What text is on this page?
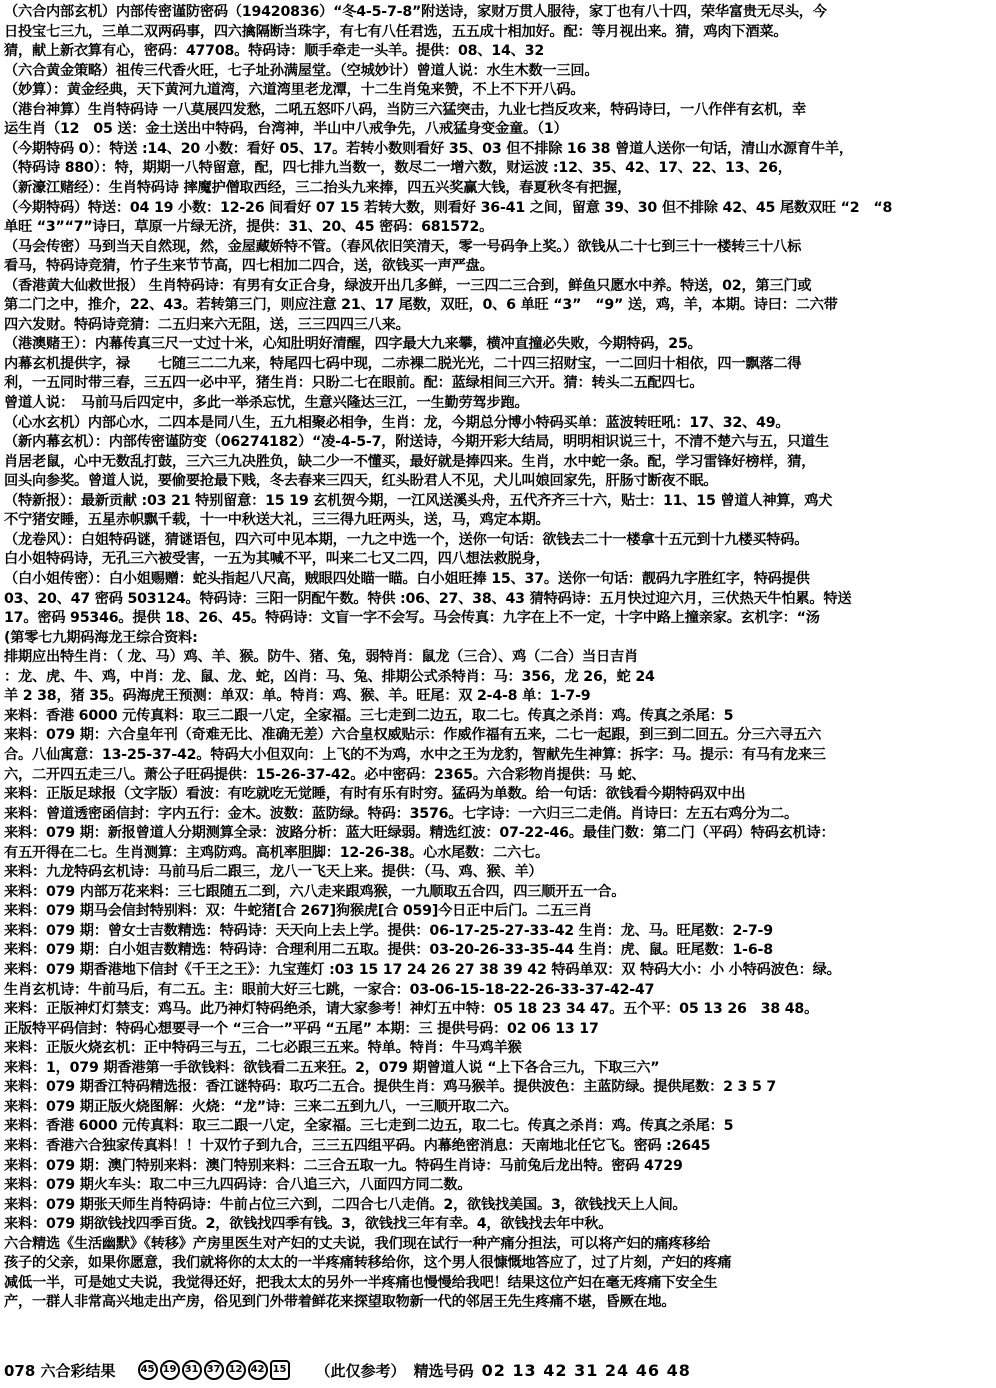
（六合内部玄机）内部传密谨防密码（19420836）“冬4-5-7-8”附送诗，家财万贯人服待，家丁也有八十四，荣华富贵无尽头，今
日投宝七三九，三单二双两码事，四六擒隔断当珠字，有七有八任君选，五五成十相加好。配：等月视出来。猜，鸡肉下酒菜。
猜，献上新衣算有心，密码：47708。特码诗：顺手牵走一头羊。提供：08、14、32
（六合黄金策略）祖传三代香火旺，七子址孙满屋堂。（空城妙计）曾道人说：水生木数一三回。
（妙算）：黄金经典，天下黄河九道湾，六道湾里老龙潭，十二生肖兔来赞，不上不下开八码。
（港台神算）生肖特码诗 一八莫展四发愁，二吼五怒吓八码，当防三六猛突击，九业七挡反攻来，特码诗曰，一八作伴有玄机，幸
运生肖（12　05 送：金土送出中特码，台湾神，半山中八戒争先，八戒猛身变金童。（1）
（今期特码 0）：特送 :14、20 小数：看好 05、17。若转小数则看好 35、03 但不排除 16 38 曾道人送你一句话，清山水源育牛羊，
（特码诗 880）：特，期期一八特留意，配，四七排九当数一，数尽二一增六数，财运波 :12、35、42、17、22、13、26，
（新濠江赌经）：生肖特码诗 摔魔护僧取西经，三二抬头九来捧，四五兴奖赢大钱，春夏秋冬有把握，
（今期特码）特送：04 19 小数：12-26 间看好 07 15 若转大数，则看好 36-41 之间，留意 39、30 但不排除 42、45 尾数双旺 “2　“8
单旺 “3”“7”诗曰，草原一片绿无济，提供：31、20、45 密码：681572。
（马会传密）马到当天自然现，然，金屋藏娇特不管。（春风依旧笑清天，零一号码争上奖。）欲钱从二十七到三十一楼转三十八标
看马，特码诗竞猜，竹子生来节节高，四七相加二四合，送，欲钱买一声严盘。
（香港黄大仙救世报） 生肖特码诗：有男有女正合身，绿波开出几多鲜，一三四二三合到，鲜鱼只愿水中养。特送，02，第三门或
第二门之中，推介，22、43。若转第三门，则应注意 21、17 尾数，双旺，0、6 单旺 “3”　“9” 送，鸡，羊，本期。诗曰：二六带
四六发财。特码诗竞猜：二五归来六无阻，送，三三四四三八来。
（港澳赌王）：内幕传真三尺一丈过十米，心知肚明好清醒，四字最大九来攀，横冲直撞必失败，今期特码，25。
内幕玄机提供字，禄　　七随三二二九来，特尾四七码中现，二赤裸二脱光光，二十四三招财宝，一二回归十相依，四一飘落二得
利，一五同时带三春，三五四一必中平，猪生肖：只盼二七在眼前。配：蓝绿相间三六开。猜：转头二五配四七。
曾道人说：　马前马后四定中，多此一举杀忘忧，生意兴隆达三江，一生勤劳驾步跑。
（心水玄机）内部心水，二四本是同八生，五九相聚必相争，生肖：龙，今期总分博小特码买单：蓝波转旺吼：17、32、49。
（新内幕玄机）：内部传密谨防变（06274182）“凌-4-5-7，附送诗，今期开彩大结局，明明相识说三十，不清不楚六与五，只道生
肖居老鼠，心中无数乱打鼓，三六三九决胜负，缺二少一不懂买，最好就是捧四来。生肖，水中蛇一条。配，学习雷锋好榜样，猜，
回头向参奖。曾道人说，要偷要抢最下贱，冬去春来三四天，红头盼君人不见，犬儿叫娘回家先，肝肠寸断夜不眠。
（特新报）：最新贡献 :03 21 特别留意：15 19 玄机贺今期，一江风送溪头舟，五代齐齐三十六，贴士：11、15 曾道人神算，鸡犬
不宁猪安睡，五星赤帜飘千载，十一中秋送大礼，三三得九旺两头，送，马，鸡定本期。
（龙卷风）：白姐特码谜，猜谜语包，四六可中见本期，一九之中选一个，送你一句话：欲钱去二十一楼拿十五元到十九楼买特码。
白小姐特码诗，无孔三六被受害，一五为其喊不平，叫来二七又二四，四八想法救脱身，
（白小姐传密）：白小姐赐赠：蛇头指起八尺高，贼眼四处瞄一瞄。白小姐旺捧 15、37。送你一句话：靓码九字胜红字，特码提供
03、20、47 密码 503124。特码诗：三阳一阴配午数。特供 :06、27、38、43 猜特码诗：五月快过迎六月，三伏热天牛怕累。特送
17。密码 95346。提供 18、26、45。特码诗：文盲一字不会写。马会传真：九字在上不一定，十字中路上撞亲家。玄机字：“汤
(第零七九期码海龙王综合资料:
排期应出特生肖：（ 龙、马）鸡、羊、猴。防牛、猪、兔，弱特肖：鼠龙（三合）、鸡（二合）当日吉肖
：龙、虎、牛、鸡，中肖：龙、鼠、龙、蛇，凶肖：马、兔、排期公式杀特肖：马：356，龙 26，蛇 24
羊 2 38，猪 35。码海虎王预测：单双：单。特肖：鸡、猴、羊。旺尾：双 2-4-8 单：1-7-9
来料：香港 6000 元传真料：取三二跟一八定，全家福。三七走到二边五，取二七。传真之杀肖：鸡。传真之杀尾：5
来料：079 期：六合皇年刊（奇难无比、准确无差）六合皇权威贴示：作威作福有五来，二七一起跟，到三到二回五。分三六寻五六
合。八仙寓意：13-25-37-42。特码大小但双向：上飞的不为鸡，水中之王为龙豹，智献先生神算：拆字：马。提示：有马有龙来三
六，二开四五走三八。萧公子旺码提供：15-26-37-42。必中密码：2365。六合彩物肖提供：马 蛇、
来料：正版足球报（文字版）看波：有吃就吃无觉睡，有时有乐有时穷。猛码为单数。给一句话：欲钱看今期特码双中出
来料：曾道透密函信封：字内五行：金木。波数：蓝防绿。特码：3576。七字诗：一六归三二走俏。肖诗曰：左五右鸡分为二。
来料：079 期：新报曾道人分期测算全录：波路分析：蓝大旺绿弱。精选红波：07-22-46。最佳门数：第二门（平码）特码玄机诗：
有五开得在二七。生肖测算：主鸡防鸡。高机率胆脚：12-26-38。心水尾数：二六七。
来料：九龙特码玄机诗：马前马后二跟三，龙八一飞天上来。提供：（马、鸡、猴、羊）
来料：079 内部万花来料：三七跟随五二到，六八走来跟鸡猴，一九顺取五合四，四三顺开五一合。
来料：079 期马会信封特别料：双：牛蛇猪[合 267]狗猴虎[合 059]今日正中后门。二五三肖
来料：079 期：曾女士吉数精选：特码诗：天天向上去上学。提供：06-17-25-27-33-42 生肖：龙、马。旺尾数：2-7-9
来料：079 期：白小姐吉数精选：特码诗：合理利用二五取。提供：03-20-26-33-35-44 生肖：虎、鼠。旺尾数：1-6-8
来料：079 期香港地下信封《千王之王》：九宝莲灯 :03 15 17 24 26 27 38 39 42 特码单双：双 特码大小：小 小特码波色：绿。
生肖玄机诗：牛前马后，有二五。主：眼前大好三七跳，一家合：03-06-15-18-22-26-33-37-42-47
来料：正版神灯灯禁支：鸡马。此乃神灯特码绝杀，请大家参考！神灯五中特：05 18 23 34 47。五个平：05 13 26　38 48。
正版特平码信封：特码心想要寻一个 “三合一”平码 “五尾” 本期：三 提供号码：02 06 13 17
来料：正版火烧玄机：正中特码三与五，二七必跟三五来。特单。特肖：牛马鸡羊猴
来料：1，079 期香港第一手欲钱料：欲钱看二五来狂。2，079 期曾道人说 “上下各合三九，下取三六”
来料：079 期香江特码精选报：香江谜特码：取巧二五合。提供生肖：鸡马猴羊。提供波色：主蓝防绿。提供尾数：2 3 5 7
来料：079 期正版火烧图解：火烧：“龙”诗：三来二五到九八，一三顺开取二六。
来料：香港 6000 元传真料：取三二跟一八定，全家福。三七走到二边五，取二七。传真之杀肖：鸡。传真之杀尾：5
来料：香港六合独家传真料！！十双竹子到九合，三三五四组平码。内幕绝密消息：天南地北任它飞。密码 :2645
来料：079 期：澳门特别来料：澳门特别来料：二三合五取一九。特码生肖诗：马前兔后龙出特。密码 4729
来料：079 期火车头：取二中三九四码诗：合八追三六，八面四方同二数。
来料：079 期张天师生肖特码诗：牛前占位三六到，二四合七八走俏。2，欲钱找美国。3，欲钱找天上人间。
来料：079 期欲钱找四季百货。2，欲钱找四季有钱。3，欲钱找三年有幸。4，欲钱找去年中秋。
六合精选《生活幽默》《转移》产房里医生对产妇的丈夫说，我们现在试行一种产痛分担法，可以将产妇的痛疼移给
孩子的父亲，如果你愿意，我们就将你的太太的一半疼痛转移给你，这个男人很慷慨地答应了，过了片刻，产妇的疼痛
减低一半，可是她丈夫说，我觉得还好，把我太太的另外一半疼痛也慢慢给我吧！结果这位产妇在毫无疼痛下安全生
产，一群人非常高兴地走出产房，俗见到门外带着鲜花来探望取物新一代的邻居王先生疼痛不堪，昏厥在地。
078 六合彩结果	45 19 31 37 12 42 15 （此仅参考） 精选号码 02 13 42 31 24 46 48
